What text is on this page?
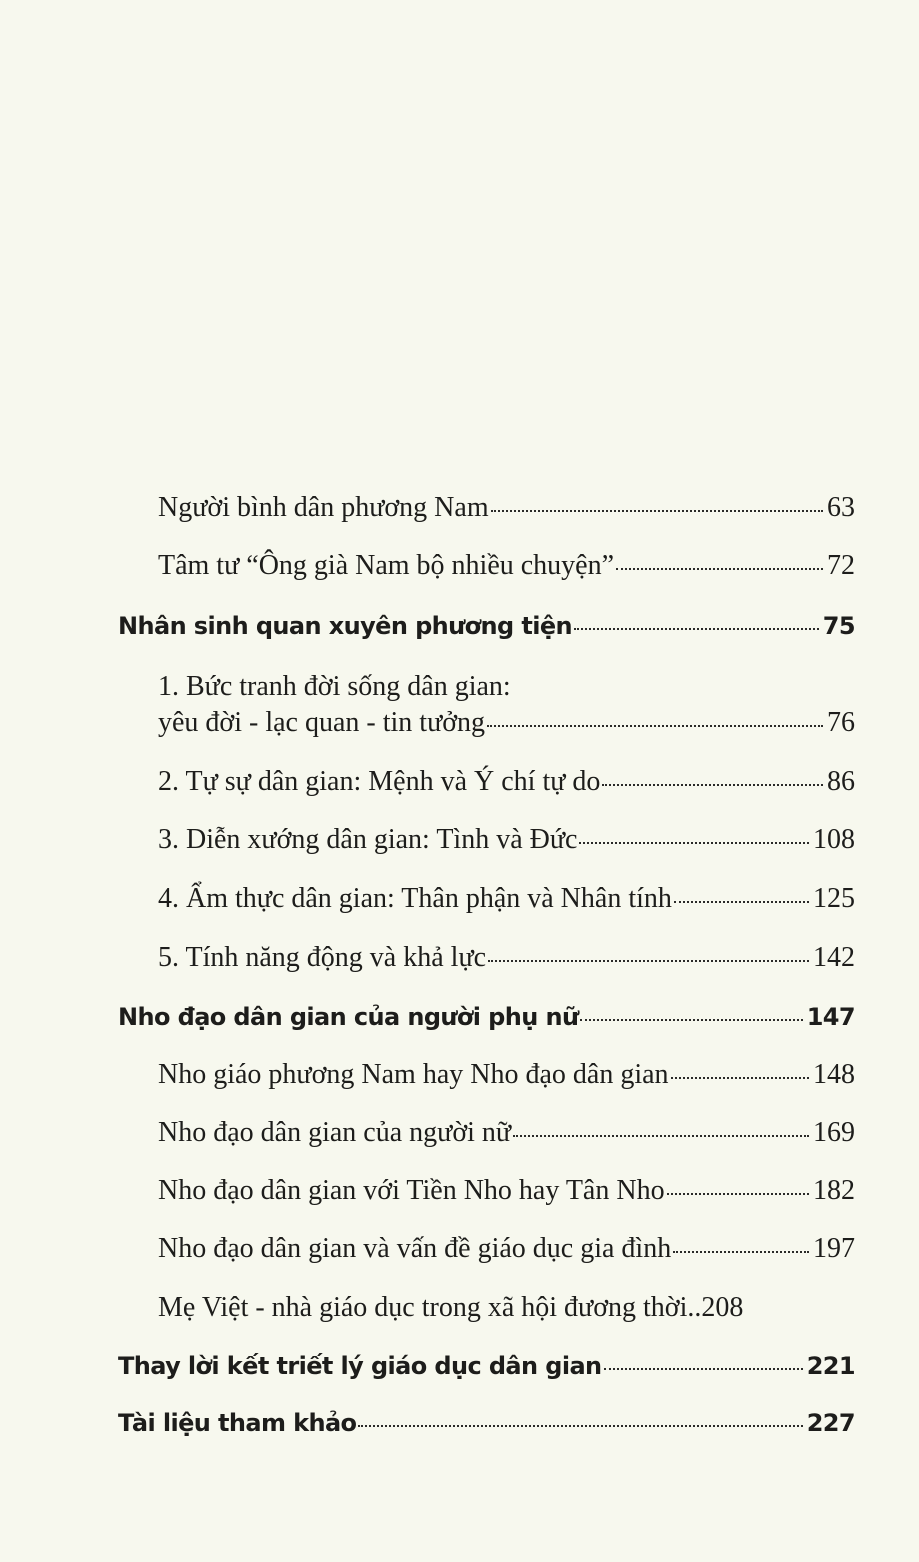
Người bình dân phương Nam	63
Tâm tư “Ông già Nam bộ nhiều chuyện”	72
Nhân sinh quan xuyên phương tiện	75
1. Bức tranh đời sống dân gian:
yêu đời - lạc quan - tin tưởng	76
2. Tự sự dân gian: Mệnh và Ý chí tự do	86
3. Diễn xướng dân gian: Tình và Đức	108
4. Ẩm thực dân gian: Thân phận và Nhân tính	125
5. Tính năng động và khả lực	142
Nho đạo dân gian của người phụ nữ	147
Nho giáo phương Nam hay Nho đạo dân gian	148
Nho đạo dân gian của người nữ	169
Nho đạo dân gian với Tiền Nho hay Tân Nho	182
Nho đạo dân gian và vấn đề giáo dục gia đình	197
Mẹ Việt - nhà giáo dục trong xã hội đương thời.. 208
Thay lời kết triết lý giáo dục dân gian	221
Tài liệu tham khảo	227
